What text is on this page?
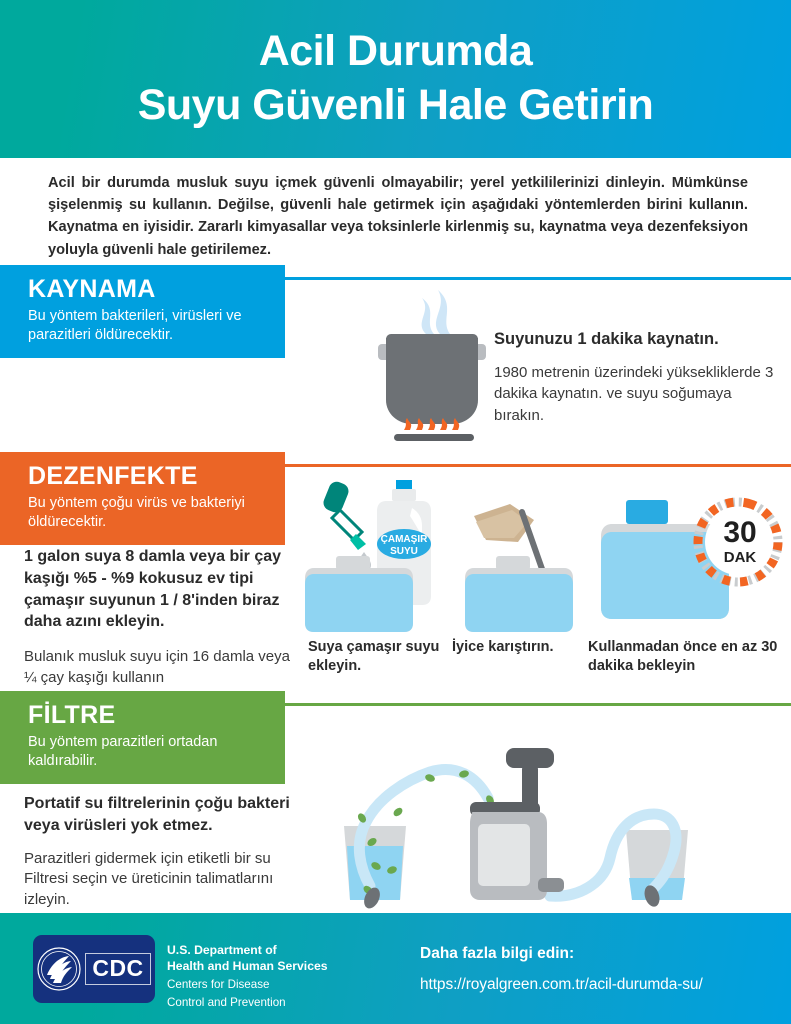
Acil Durumda
Suyu Güvenli Hale Getirin
Acil bir durumda musluk suyu içmek güvenli olmayabilir; yerel yetkililerinizi dinleyin. Mümkünse şişelenmiş su kullanın. Değilse, güvenli hale getirmek için aşağıdaki yöntemlerden birini kullanın. Kaynatma en iyisidir. Zararlı kimyasallar veya toksinlerle kirlenmiş su, kaynatma veya dezenfeksiyon yoluyla güvenli hale getirilemez.
KAYNAMA

Bu yöntem bakterileri, virüsleri ve parazitleri öldürecektir.	Suyunuzu 1 dakika kaynatın.
1980 metrenin üzerindeki yüksekliklerde 3 dakika kaynatın. ve suyu soğumaya bırakın.
DEZENFEKTE

Bu yöntem çoğu virüs ve bakteriyi öldürecektir.

1 galon suya 8 damla veya bir çay kaşığı %5 - %9 kokusuz ev tipi çamaşır suyunun 1 / 8'inden biraz daha azını ekleyin.
Bulanık musluk suyu için 16 damla veya ¼ çay kaşığı kullanın
ÇAMAŞIR
SUYU
Suya çamaşır suyu ekleyin.
İyice karıştırın.
30
DAK
Kullanmadan önce en az 30 dakika bekleyin
FİLTRE

Bu yöntem parazitleri ortadan kaldırabilir.

Portatif su filtrelerinin çoğu bakteri veya virüsleri yok etmez.
Parazitleri gidermek için etiketli bir su Filtresi seçin ve üreticinin talimatlarını izleyin.
CDC
U.S. Department of
Health and Human Services
Centers for Disease
Control and Prevention
Daha fazla bilgi edin:
https://royalgreen.com.tr/acil-durumda-su/
